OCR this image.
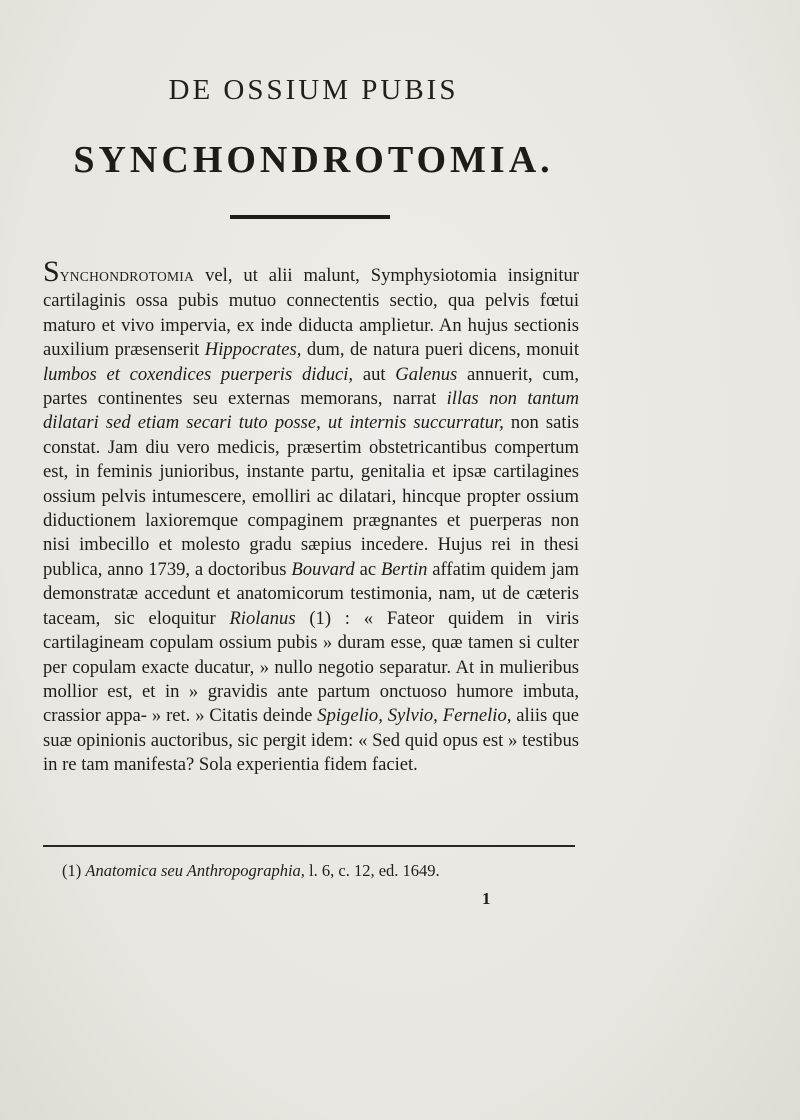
DE OSSIUM PUBIS
SYNCHONDROTOMIA.

SYNCHONDROTOMIA vel, ut alii malunt, Symphysiotomia insignitur cartilaginis ossa pubis mutuo connectentis sectio, qua pelvis fœtui maturo et vivo impervia, ex inde diducta amplietur. An hujus sectionis auxilium præsenserit Hippocrates, dum, de natura pueri dicens, monuit lumbos et coxendices puerperis diduci, aut Galenus annuerit, cum, partes continentes seu externas memorans, narrat illas non tantum dilatari sed etiam secari tuto posse, ut internis succurratur, non satis constat. Jam diu vero medicis, præsertim obstetricantibus compertum est, in feminis junioribus, instante partu, genitalia et ipsæ cartilagines ossium pelvis intumescere, emolliri ac dilatari, hincque propter ossium diductionem laxioremque compaginem prægnantes et puerperas non nisi imbecillo et molesto gradu sæpius incedere. Hujus rei in thesi publica, anno 1739, a doctoribus Bouvard ac Bertin affatim quidem jam demonstratæ accedunt et anatomicorum testimonia, nam, ut de cæteris taceam, sic eloquitur Riolanus (1) : « Fateor quidem in viris cartilagineam copulam ossium pubis » duram esse, quæ tamen si culter per copulam exacte ducatur, » nullo negotio separatur. At in mulieribus mollior est, et in » gravidis ante partum onctuoso humore imbuta, crassior appa- » ret. » Citatis deinde Spigelio, Sylvio, Fernelio, aliis que suæ opinionis auctoribus, sic pergit idem: « Sed quid opus est » testibus in re tam manifesta? Sola experientia fidem faciet.

(1) Anatomica seu Anthropographia, l. 6, c. 12, ed. 1649.
1
